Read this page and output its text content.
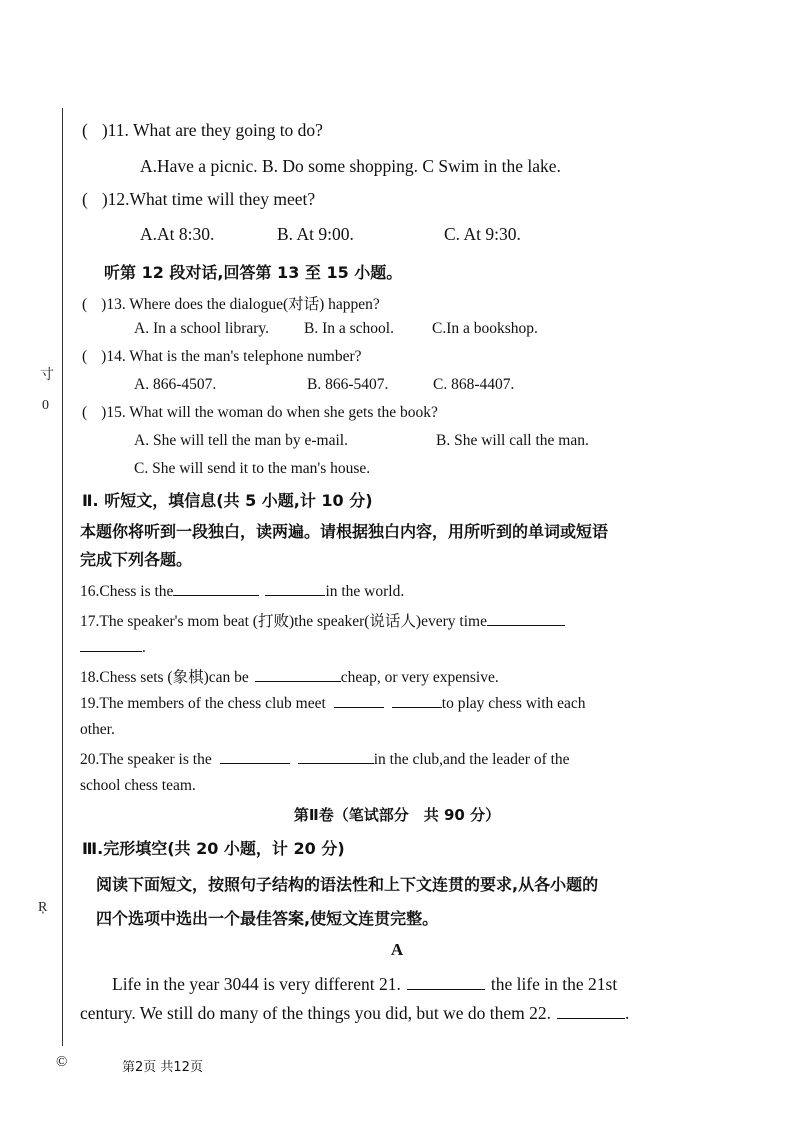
寸
0
Ŗ
( )11. What are they going to do?
A.Have a picnic. B. Do some shopping. C Swim in the lake.
( )12.What time will they meet?
A.At 8:30.	B. At 9:00.	C. At 9:30.
听第 12 段对话,回答第 13 至 15 小题。
( )13. Where does the dialogue(对话) happen?
A. In a school library. B. In a school. C.In a bookshop.
( )14. What is the man's telephone number?
A. 866-4507.	B. 866-5407.	C. 868-4407.
( )15. What will the woman do when she gets the book?
A. She will tell the man by e-mail.	B. She will call the man.
C. She will send it to the man's house.
Ⅱ. 听短文，填信息(共 5 小题,计 10 分)
本题你将听到一段独白，读两遍。请根据独白内容，用所听到的单词或短语
完成下列各题。
16.Chess is the	in the world.
17.The speaker's mom beat (打败)the speaker(说话人)every time
.
18.Chess sets (象棋)can be	cheap, or very expensive.
19.The members of the chess club meet	to play chess with each
other.
20.The speaker is the	in the club,and the leader of the
school chess team.
第Ⅱ卷（笔试部分　共 90 分）
Ⅲ.完形填空(共 20 小题，计 20 分)
阅读下面短文，按照句子结构的语法性和上下文连贯的要求,从各小题的
四个选项中选出一个最佳答案,使短文连贯完整。
A
Life in the year 3044 is very different 21.	the life in the 21st
century. We still do many of the things you did, but we do them 22.	.
©	第2页 共12页
